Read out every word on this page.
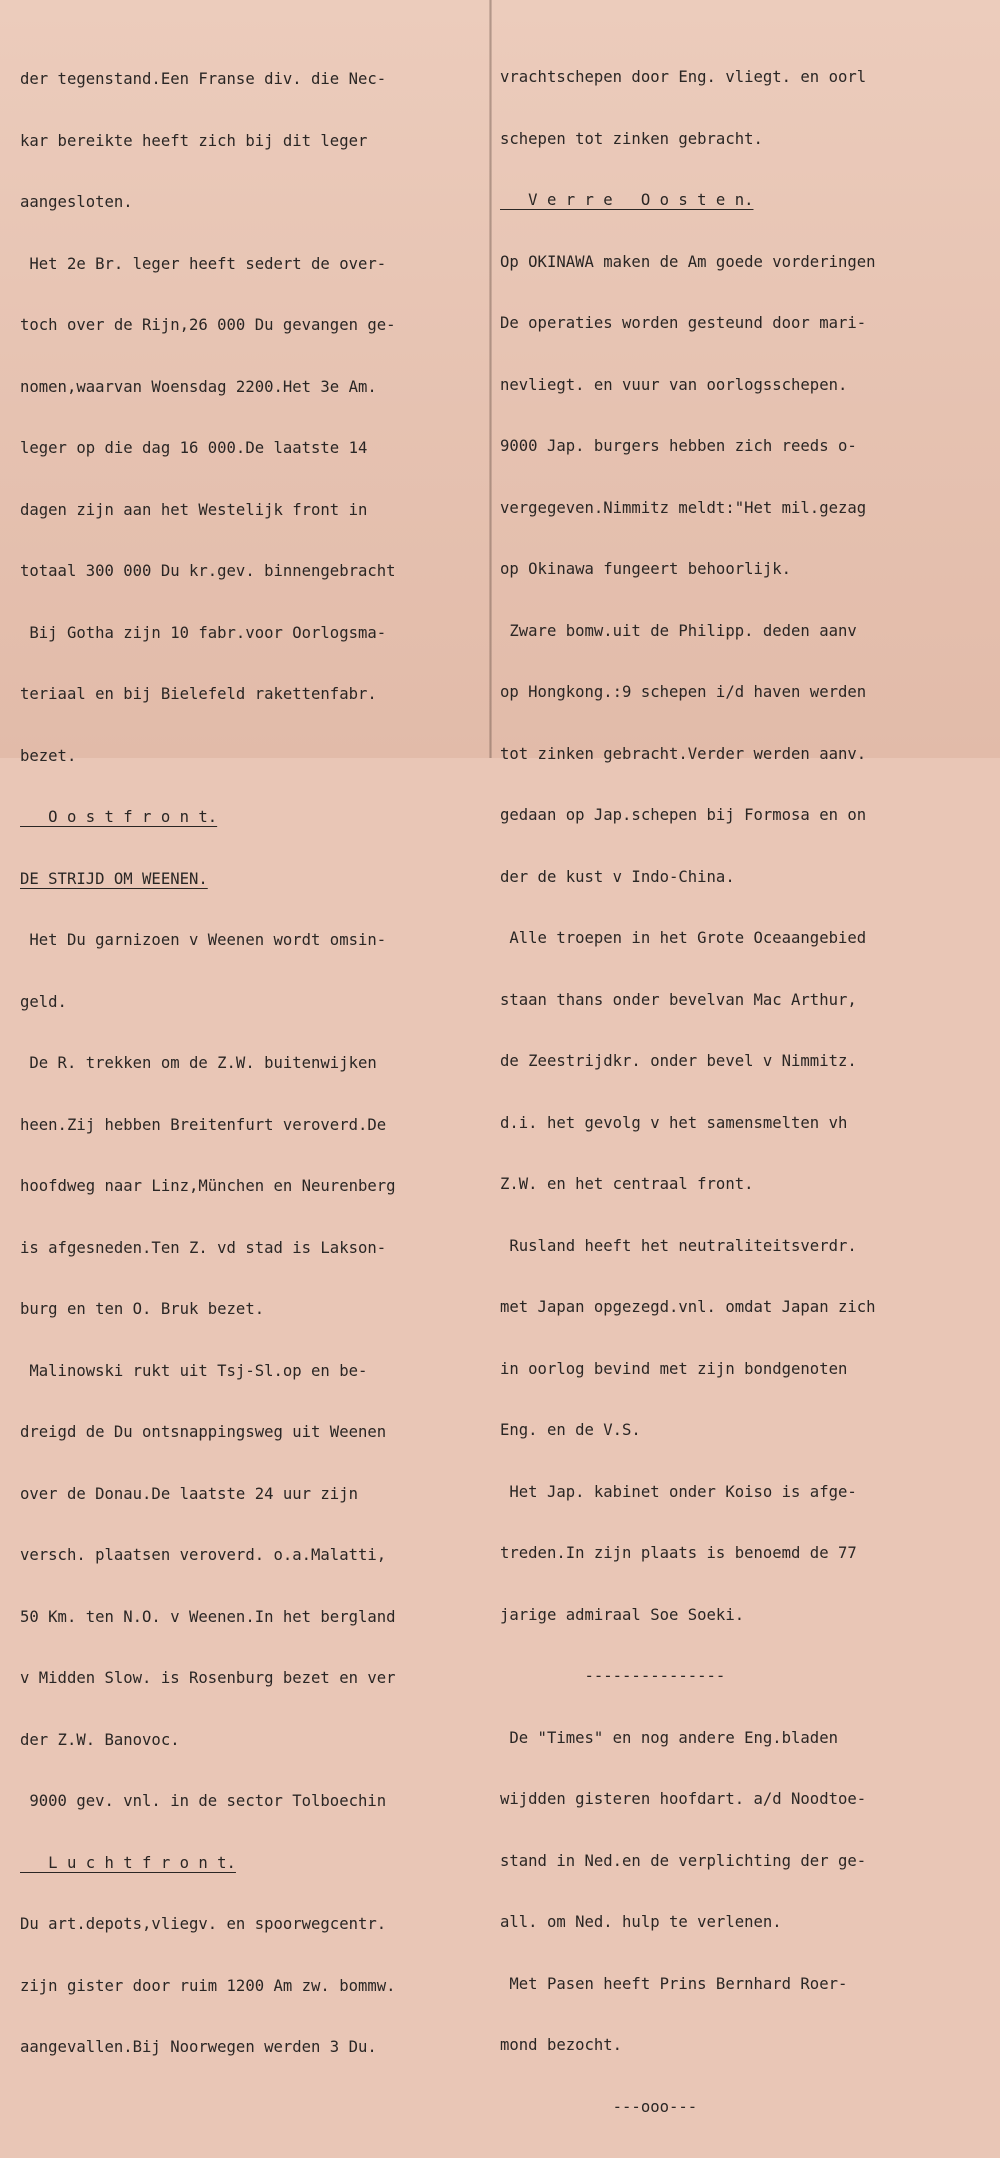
der tegenstand.Een Franse div. die Nec-

kar bereikte heeft zich bij dit leger

aangesloten.

Het 2e Br. leger heeft sedert de over-

toch over de Rijn,26 000 Du gevangen ge-

nomen,waarvan Woensdag 2200.Het 3e Am.

leger op die dag 16 000.De laatste 14

dagen zijn aan het Westelijk front in

totaal 300 000 Du kr.gev. binnengebracht

Bij Gotha zijn 10 fabr.voor Oorlogsma-

teriaal en bij Bielefeld rakettenfabr.

bezet.

O o s t f r o n t.

DE STRIJD OM WEENEN.

Het Du garnizoen v Weenen wordt omsin-

geld.

De R. trekken om de Z.W. buitenwijken

heen.Zij hebben Breitenfurt veroverd.De

hoofdweg naar Linz,München en Neurenberg

is afgesneden.Ten Z. vd stad is Lakson-

burg en ten O. Bruk bezet.

Malinowski rukt uit Tsj-Sl.op en be-

dreigd de Du ontsnappingsweg uit Weenen

over de Donau.De laatste 24 uur zijn

versch. plaatsen veroverd. o.a.Malatti,

50 Km. ten N.O. v Weenen.In het bergland

v Midden Slow. is Rosenburg bezet en ver

der Z.W. Banovoc.

9000 gev. vnl. in de sector Tolboechin

L u c h t f r o n t.

Du art.depots,vliegv. en spoorwegcentr.

zijn gister door ruim 1200 Am zw. bommw.

aangevallen.Bij Noorwegen werden 3 Du.

vrachtschepen door Eng. vliegt. en oorl

schepen tot zinken gebracht.

V e r r e   O o s t e n.

Op OKINAWA maken de Am goede vorderingen

De operaties worden gesteund door mari-

nevliegt. en vuur van oorlogsschepen.

9000 Jap. burgers hebben zich reeds o-

vergegeven.Nimmitz meldt:"Het mil.gezag

op Okinawa fungeert behoorlijk.

Zware bomw.uit de Philipp. deden aanv

op Hongkong.:9 schepen i/d haven werden

tot zinken gebracht.Verder werden aanv.

gedaan op Jap.schepen bij Formosa en on

der de kust v Indo-China.

Alle troepen in het Grote Oceaangebied

staan thans onder bevelvan Mac Arthur,

de Zeestrijdkr. onder bevel v Nimmitz.

d.i. het gevolg v het samensmelten vh

Z.W. en het centraal front.

Rusland heeft het neutraliteitsverdr.

met Japan opgezegd.vnl. omdat Japan zich

in oorlog bevind met zijn bondgenoten

Eng. en de V.S.

Het Jap. kabinet onder Koiso is afge-

treden.In zijn plaats is benoemd de 77

jarige admiraal Soe Soeki.

---------------

De "Times" en nog andere Eng.bladen

wijdden gisteren hoofdart. a/d Noodtoe-

stand in Ned.en de verplichting der ge-

all. om Ned. hulp te verlenen.

Met Pasen heeft Prins Bernhard Roer-

mond bezocht.

---ooo---
